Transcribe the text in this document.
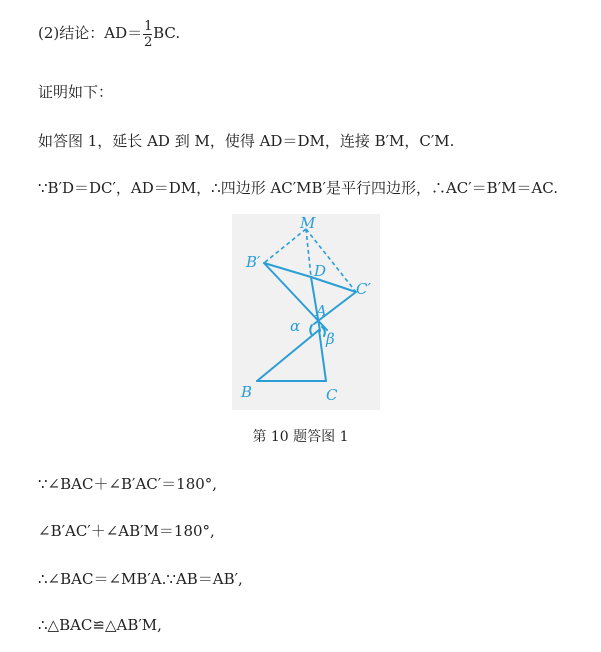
(2)结论：$AD= \frac{1}{2}$ BC.
证明如下：
如答图 1，延长 AD 到 M，使得 AD＝DM，连接 B′M，C′M.
∵B′D＝DC′，AD＝DM，∴四边形 AC′MB′是平行四边形，∴AC′＝B′M＝AC.
M
B′	D
C′
A
α
β
B	C
第 10 题答图 1
∵∠BAC＋∠B′AC′＝180°,
∠B′AC′＋∠AB′M＝180°,
∴∠BAC＝∠MB′A.∵AB＝AB′,
∴△BAC≌△AB′M,
